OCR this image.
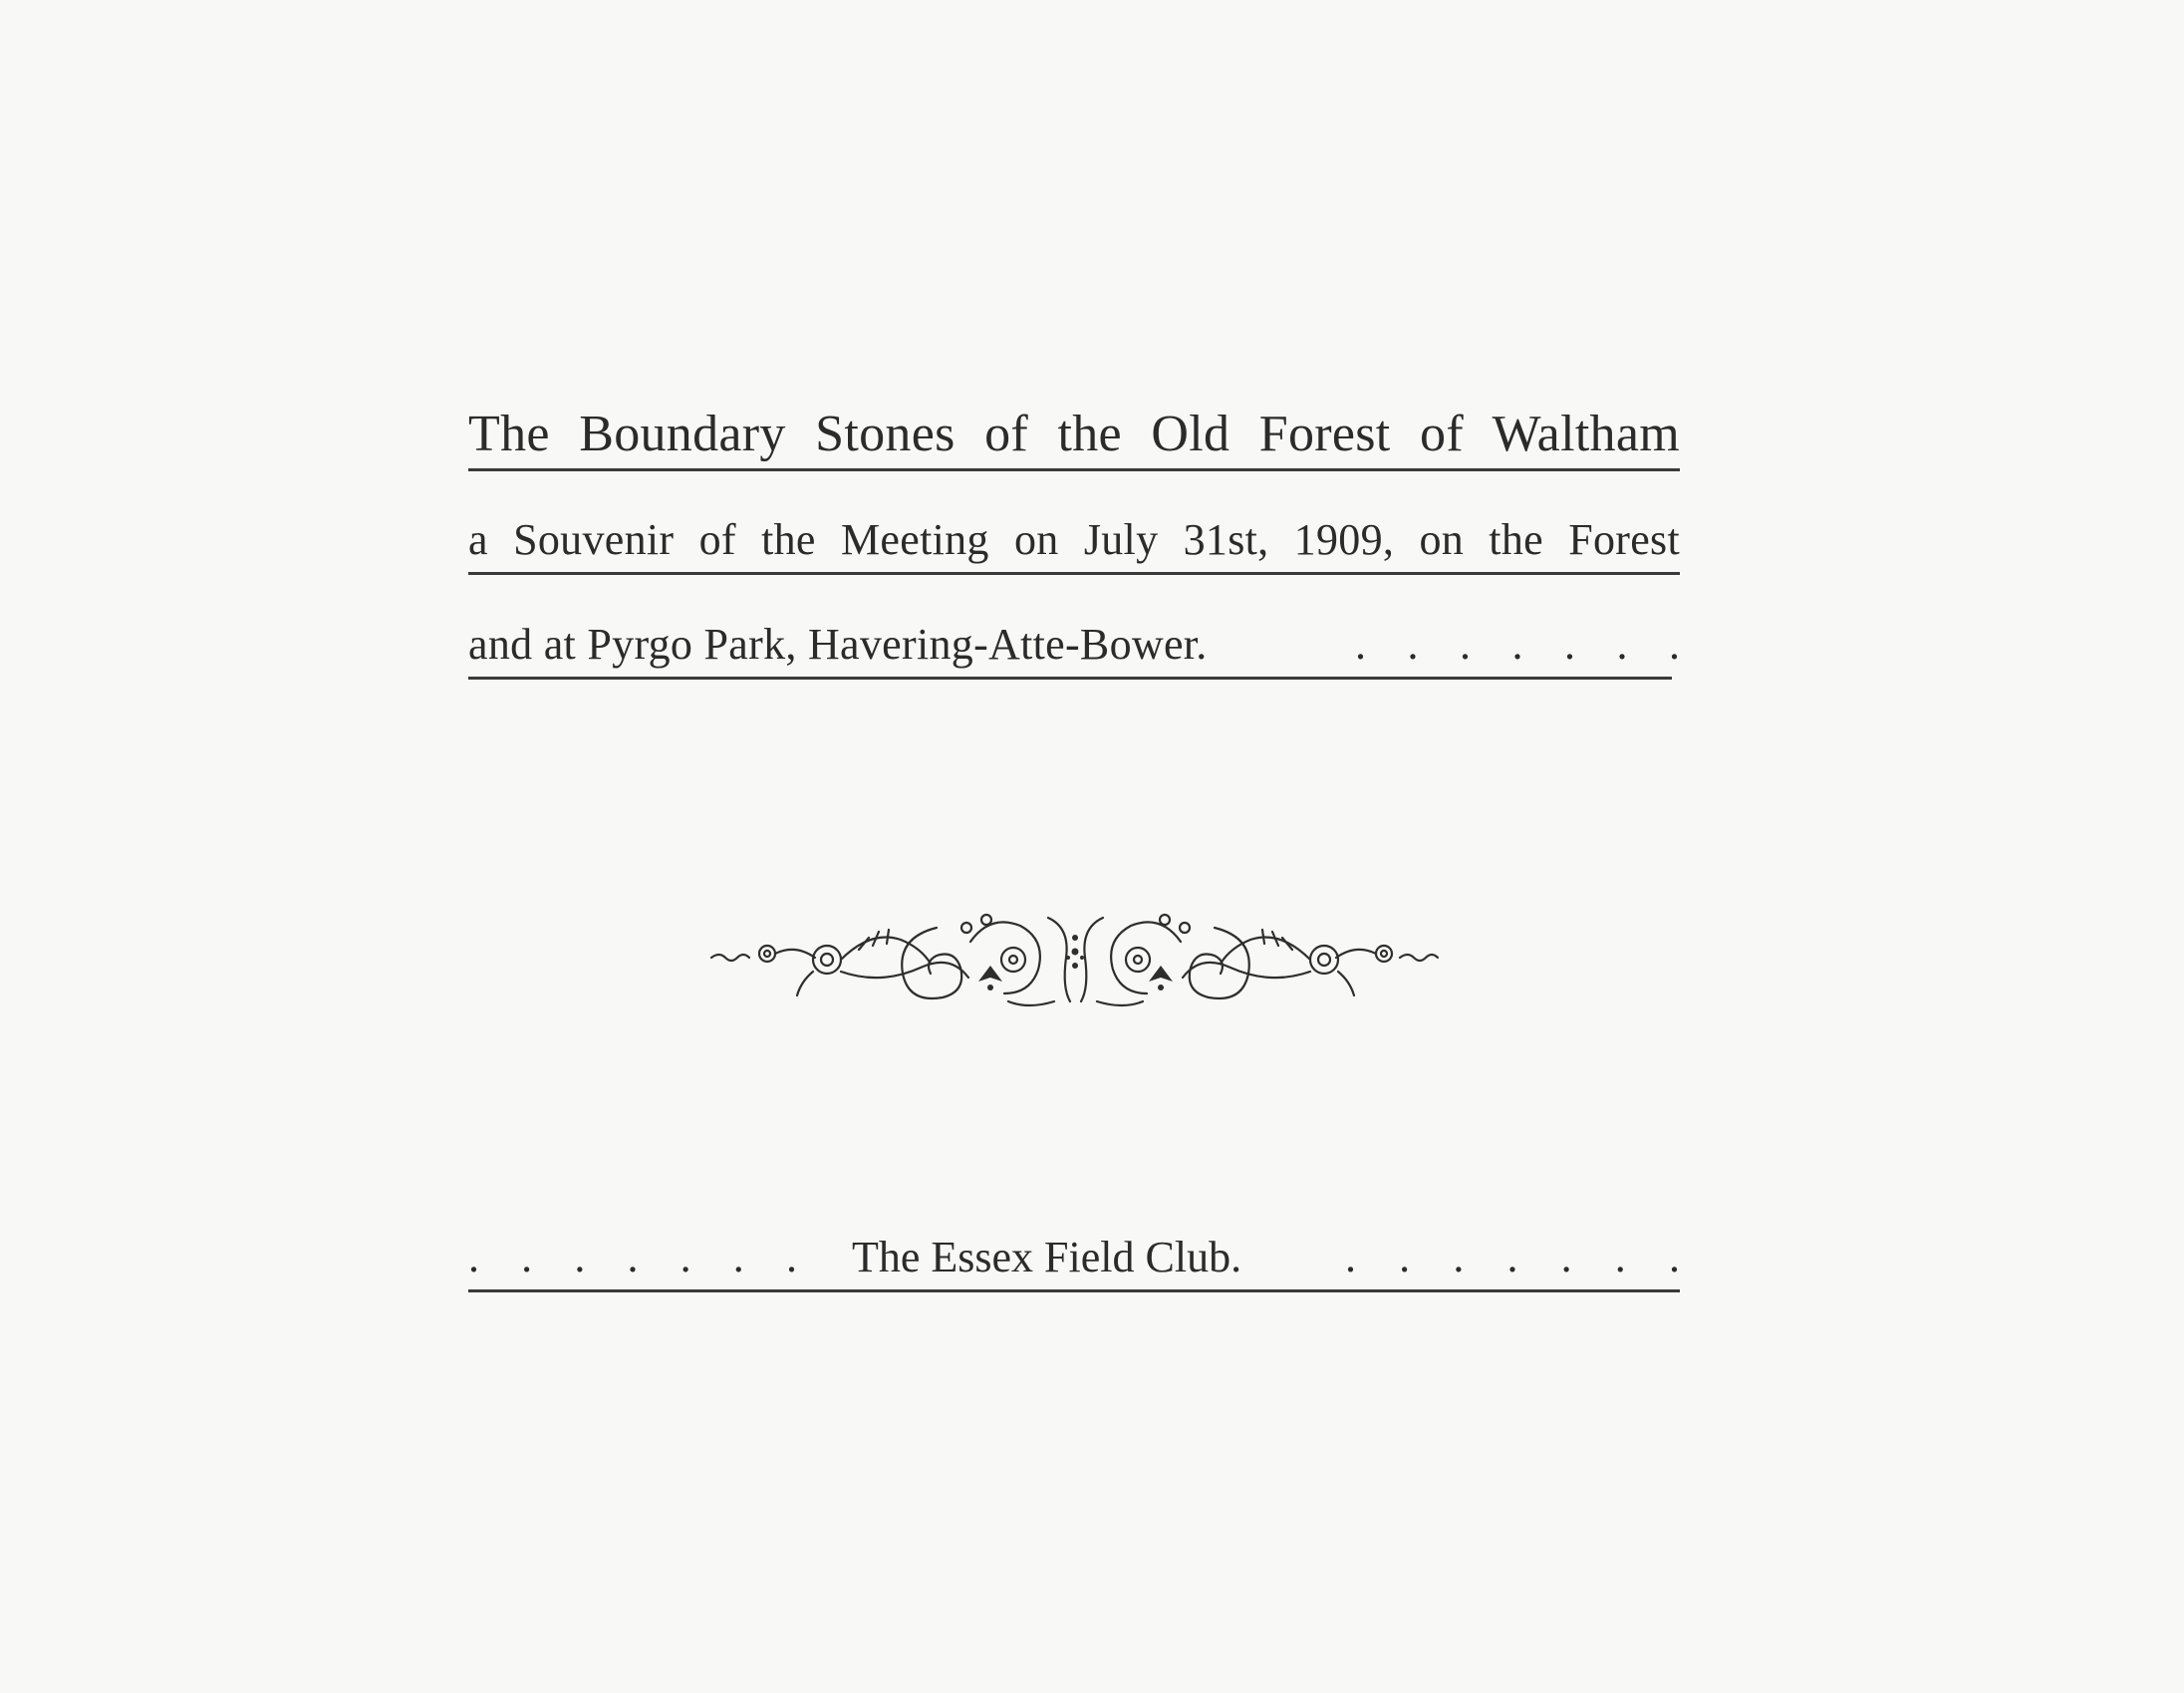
The Boundary Stones of the Old Forest of Waltham
a Souvenir of the Meeting on July 31st, 1909, on the Forest
and at Pyrgo Park, Havering-Atte-Bower.	. . . . . . .
. . . . . . . The Essex Field Club. . . . . . . .
